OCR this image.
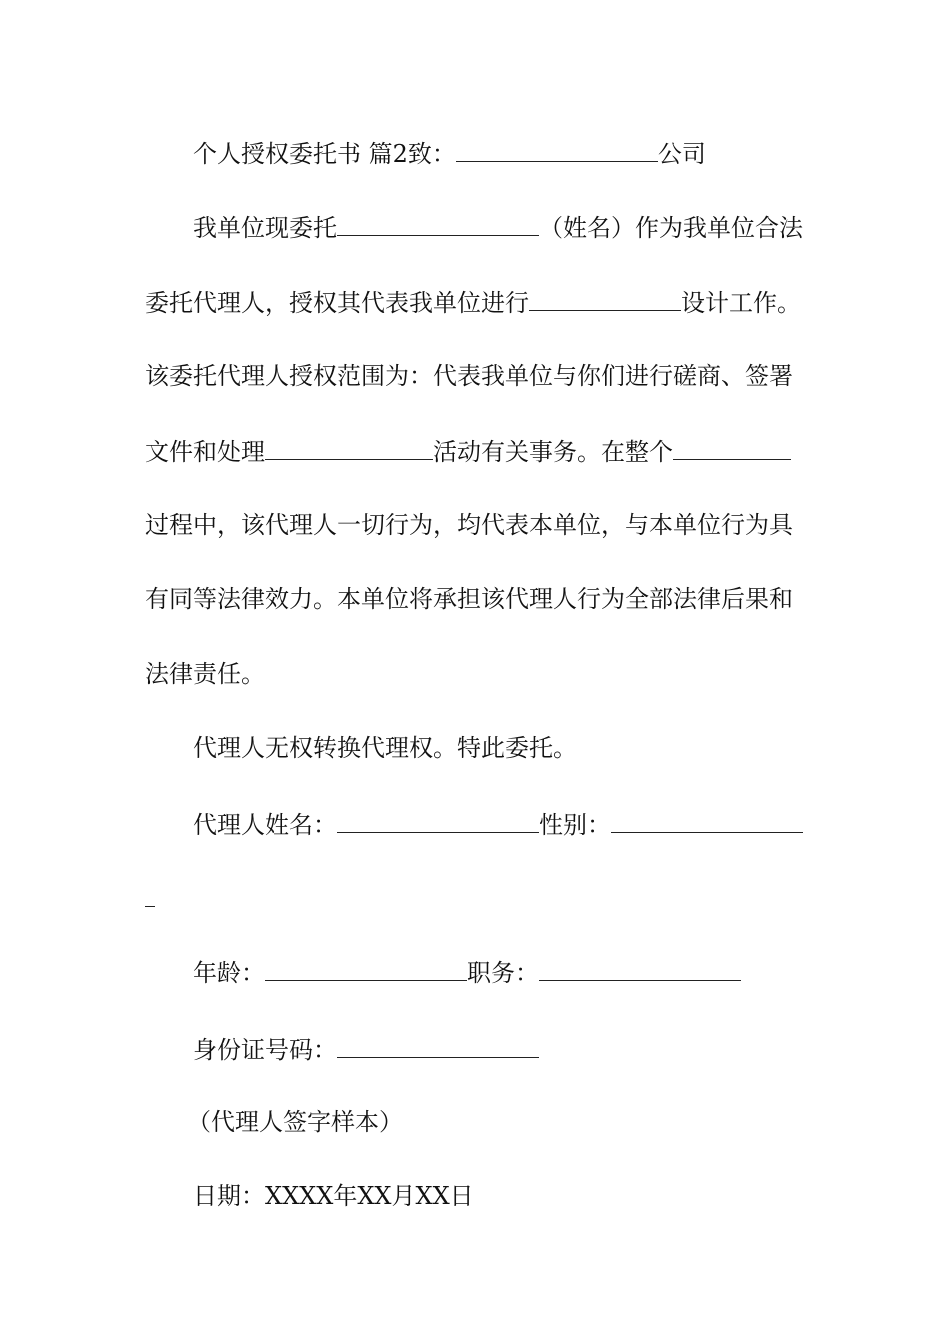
个人授权委托书 篇2致：	公司
我单位现委托	（姓名）作为我单位合法
委托代理人，授权其代表我单位进行	设计工作。
该委托代理人授权范围为：代表我单位与你们进行磋商、签署
文件和处理	活动有关事务。在整个
过程中，该代理人一切行为，均代表本单位，与本单位行为具
有同等法律效力。本单位将承担该代理人行为全部法律后果和
法律责任。
代理人无权转换代理权。特此委托。
代理人姓名：	性别：
年龄：	职务：
身份证号码：
（代理人签字样本）
日期：XXXX年XX月XX日
